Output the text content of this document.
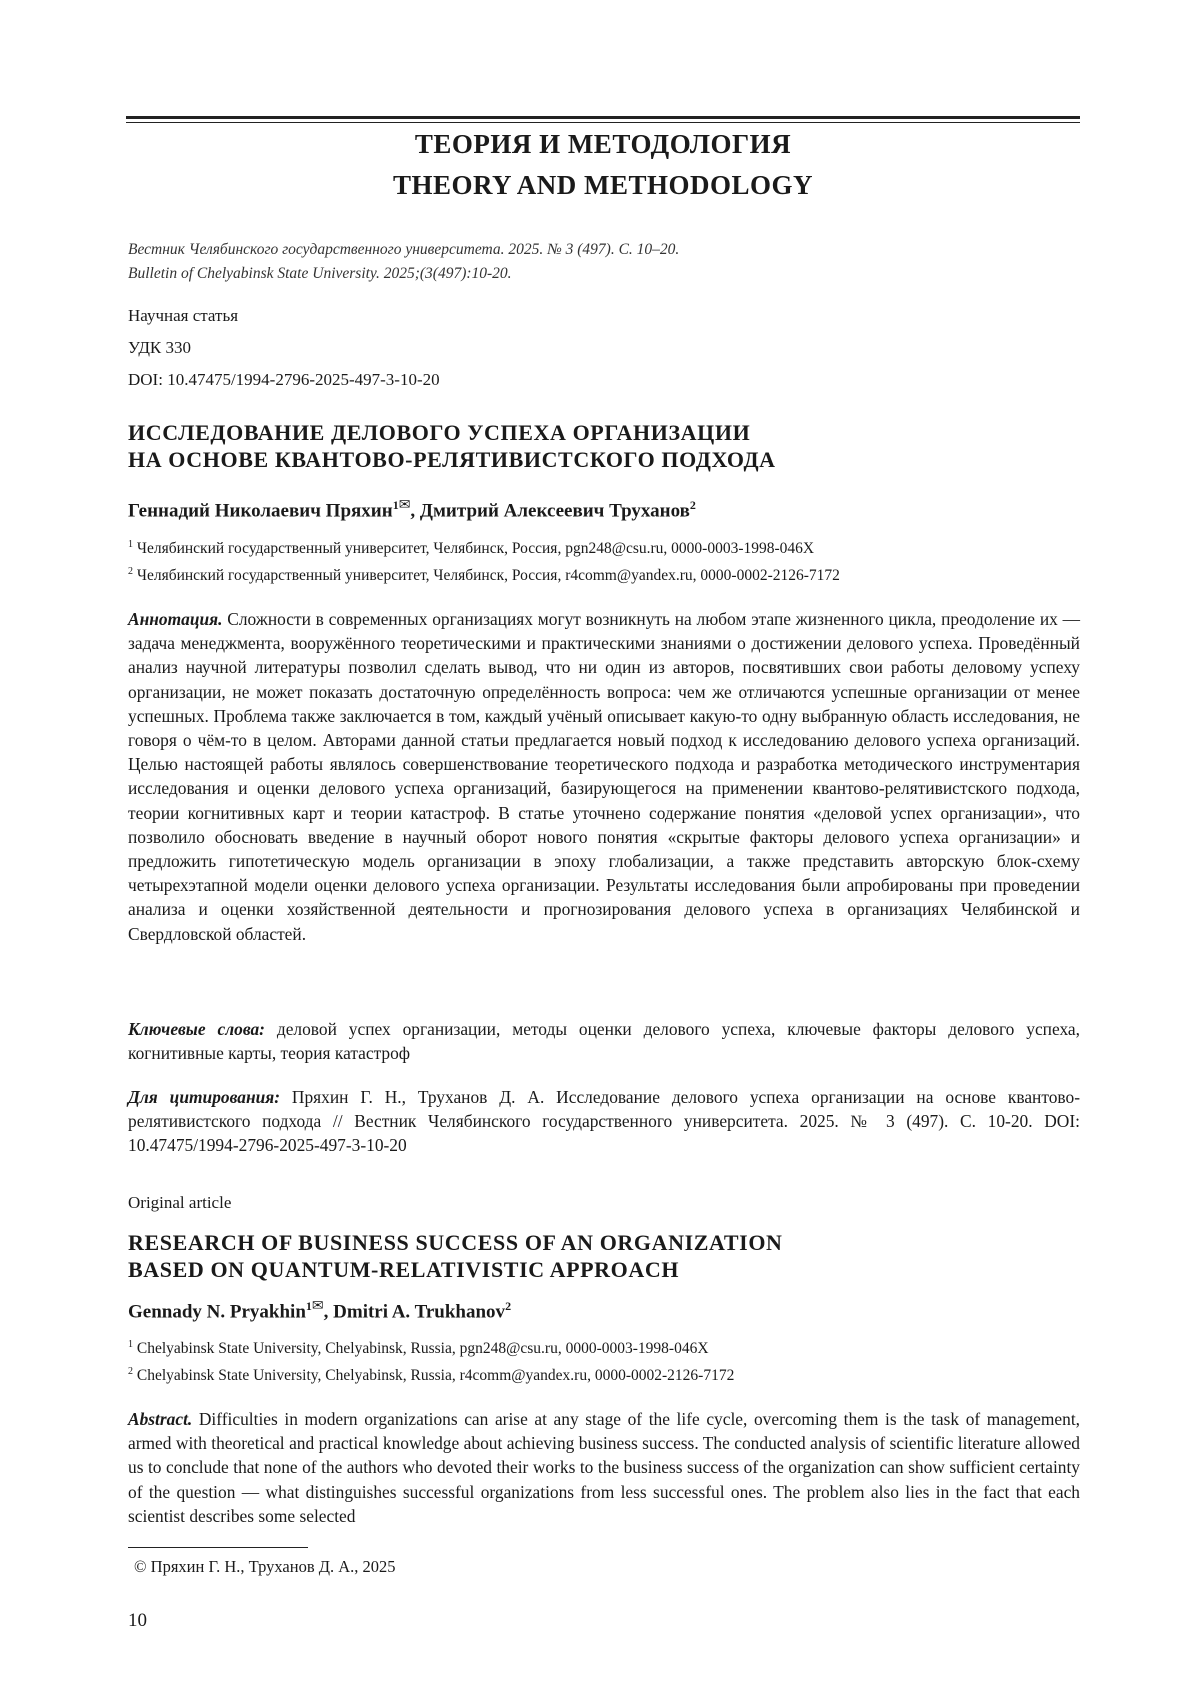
ТЕОРИЯ И МЕТОДОЛОГИЯ
THEORY AND METHODOLOGY
Вестник Челябинского государственного университета. 2025. № 3 (497). С. 10–20.
Bulletin of Chelyabinsk State University. 2025;(3(497):10-20.
Научная статья
УДК 330
DOI: 10.47475/1994-2796-2025-497-3-10-20
ИССЛЕДОВАНИЕ ДЕЛОВОГО УСПЕХА ОРГАНИЗАЦИИ
НА ОСНОВЕ КВАНТОВО-РЕЛЯТИВИСТСКОГО ПОДХОДА
Геннадий Николаевич Пряхин$^{1✉}$, Дмитрий Алексеевич Труханов$^2$
$^1$ Челябинский государственный университет, Челябинск, Россия, pgn248@csu.ru, 0000-0003-1998-046X
$^2$ Челябинский государственный университет, Челябинск, Россия, r4comm@yandex.ru, 0000-0002-2126-7172
Аннотация. Сложности в современных организациях могут возникнуть на любом этапе жизненного цикла, преодоление их — задача менеджмента, вооружённого теоретическими и практическими знаниями о достижении делового успеха. Проведённый анализ научной литературы позволил сделать вывод, что ни один из авторов, посвятивших свои работы деловому успеху организации, не может показать достаточную определённость вопроса: чем же отличаются успешные организации от менее успешных. Проблема также заключается в том, каждый учёный описывает какую-то одну выбранную область исследования, не говоря о чём-то в целом. Авторами данной статьи предлагается новый подход к исследованию делового успеха организаций. Целью настоящей работы являлось совершенствование теоретического подхода и разработка методического инструментария исследования и оценки делового успеха организаций, базирующегося на применении квантово-релятивистского подхода, теории когнитивных карт и теории катастроф. В статье уточнено содержание понятия «деловой успех организации», что позволило обосновать введение в научный оборот нового понятия «скрытые факторы делового успеха организации» и предложить гипотетическую модель организации в эпоху глобализации, а также представить авторскую блок-схему четырехэтапной модели оценки делового успеха организации. Результаты исследования были апробированы при проведении анализа и оценки хозяйственной деятельности и прогнозирования делового успеха в организациях Челябинской и Свердловской областей.
Ключевые слова: деловой успех организации, методы оценки делового успеха, ключевые факторы делового успеха, когнитивные карты, теория катастроф
Для цитирования: Пряхин Г. Н., Труханов Д. А. Исследование делового успеха организации на основе квантово-релятивистского подхода // Вестник Челябинского государственного университета. 2025. № 3 (497). С. 10-20. DOI: 10.47475/1994-2796-2025-497-3-10-20
Original article
RESEARCH OF BUSINESS SUCCESS OF AN ORGANIZATION
BASED ON QUANTUM-RELATIVISTIC APPROACH
Gennady N. Pryakhin$^{1✉}$, Dmitri A. Trukhanov$^2$
$^1$ Chelyabinsk State University, Chelyabinsk, Russia, pgn248@csu.ru, 0000-0003-1998-046X
$^2$ Chelyabinsk State University, Chelyabinsk, Russia, r4comm@yandex.ru, 0000-0002-2126-7172
Abstract. Difficulties in modern organizations can arise at any stage of the life cycle, overcoming them is the task of management, armed with theoretical and practical knowledge about achieving business success. The conducted analysis of scientific literature allowed us to conclude that none of the authors who devoted their works to the business success of the organization can show sufficient certainty of the question — what distinguishes successful organizations from less successful ones. The problem also lies in the fact that each scientist describes some selected
© Пряхин Г. Н., Труханов Д. А., 2025
10
